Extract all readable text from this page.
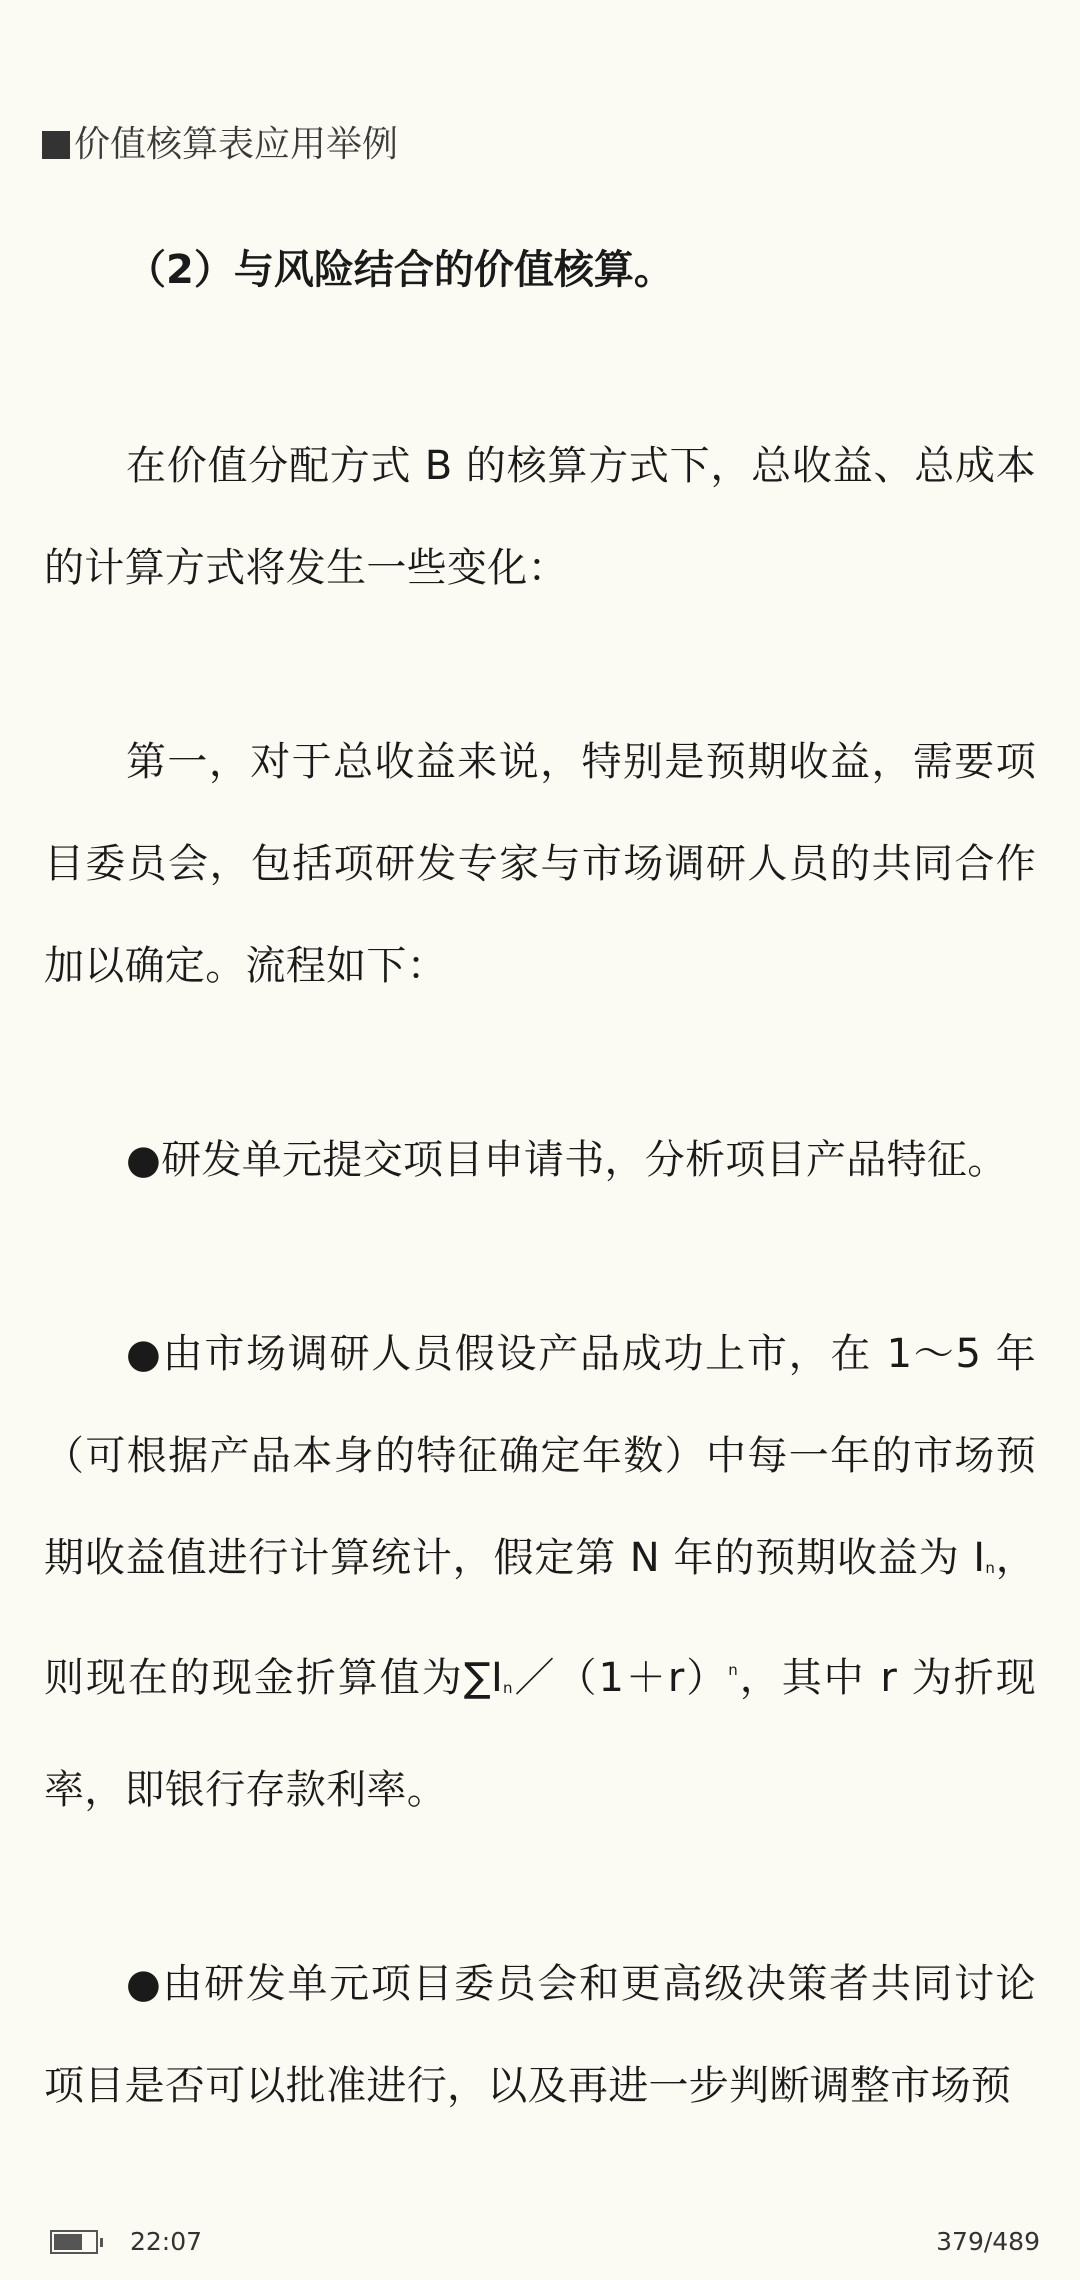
价值核算表应用举例
（2）与风险结合的价值核算。

在价值分配方式 B 的核算方式下，总收益、总成本的计算方式将发生一些变化：

第一，对于总收益来说，特别是预期收益，需要项目委员会，包括项研发专家与市场调研人员的共同合作加以确定。流程如下：

●研发单元提交项目申请书，分析项目产品特征。

●由市场调研人员假设产品成功上市，在 1～5 年（可根据产品本身的特征确定年数）中每一年的市场预期收益值进行计算统计，假定第 N 年的预期收益为 In，则现在的现金折算值为$\sum In/(1+r)^n$，其中 r 为折现率，即银行存款利率。

●由研发单元项目委员会和更高级决策者共同讨论项目是否可以批准进行，以及再进一步判断调整市场预

22:07	379/489
